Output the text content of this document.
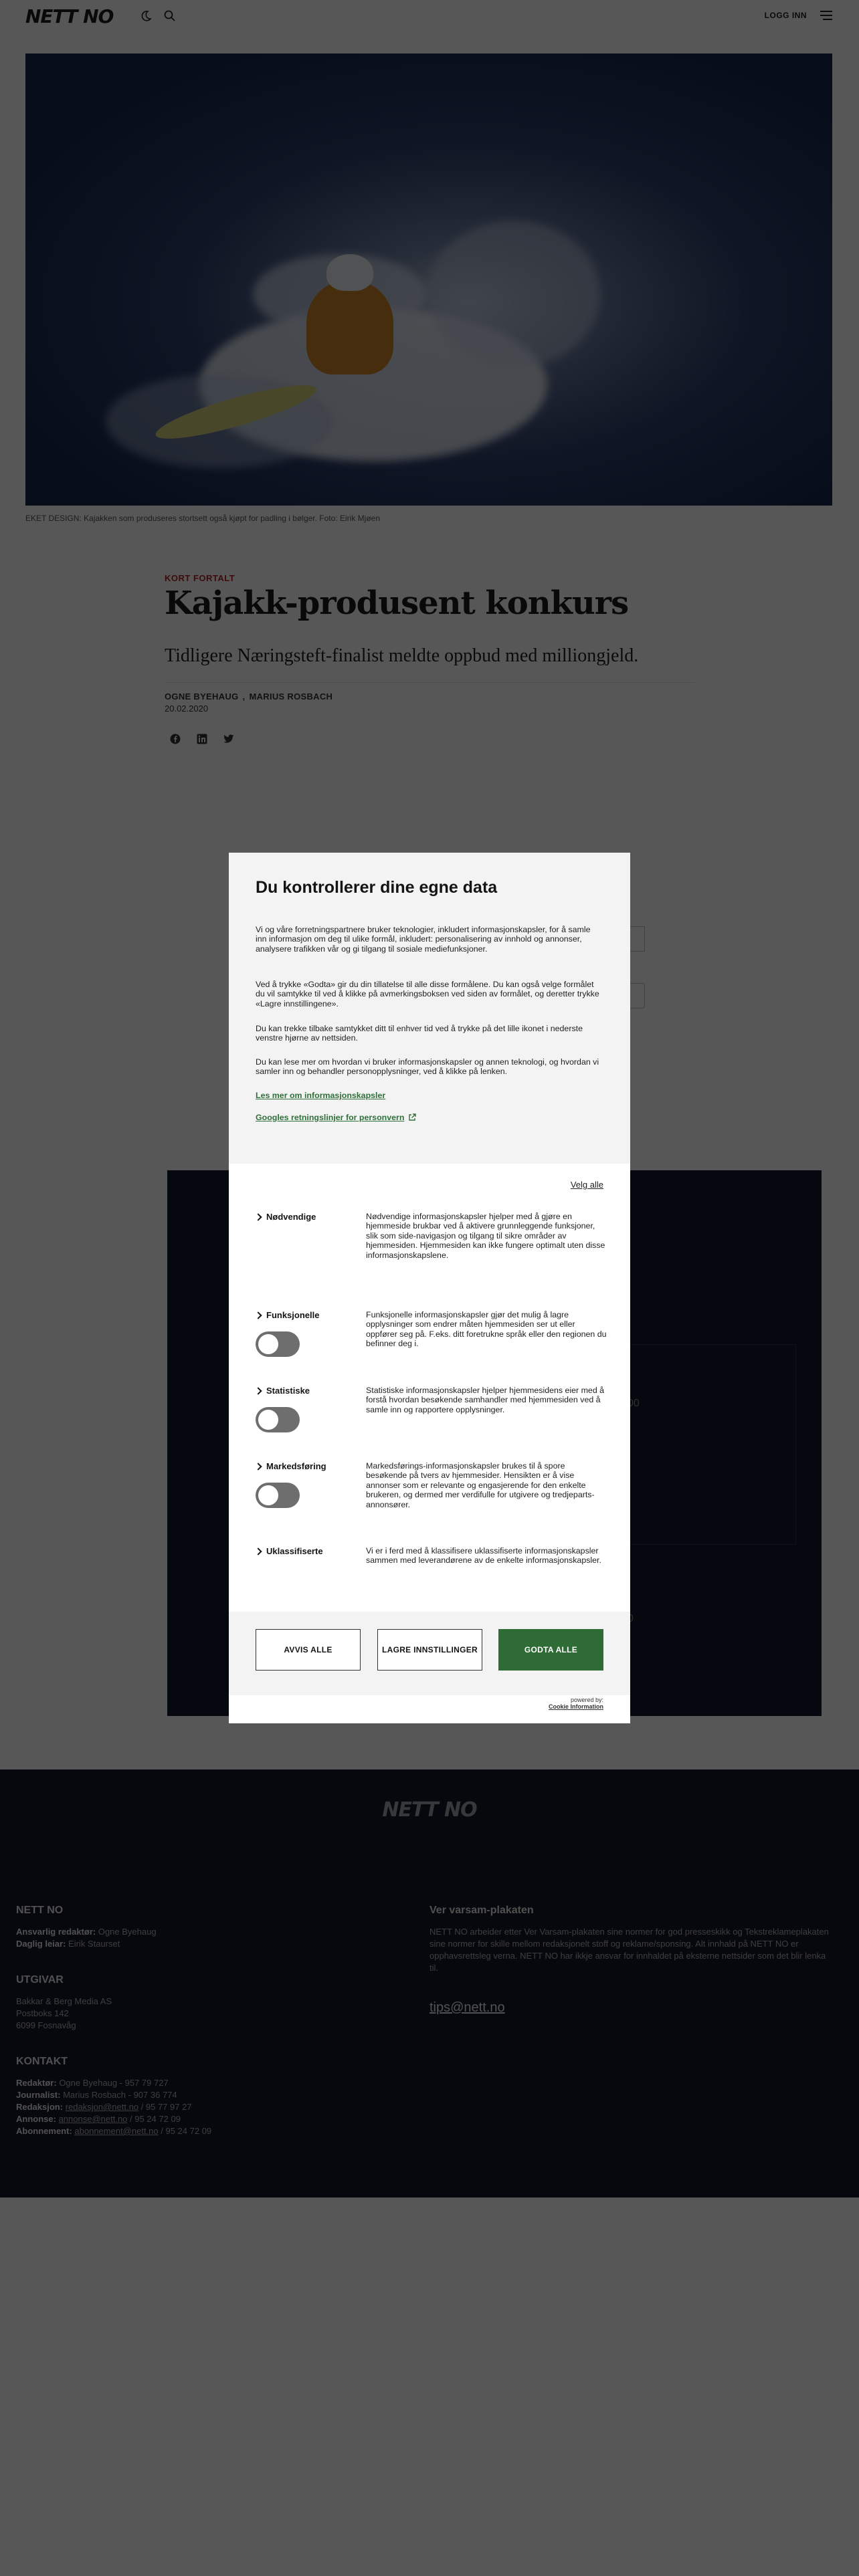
Du kontrollerer dine egne data

Vi og våre forretningspartnere bruker teknologier, inkludert informasjonskapsler, for å samle inn informasjon om deg til ulike formål, inkludert: personalisering av innhold og annonser, analysere trafikken vår og gi tilgang til sosiale mediefunksjoner.

Ved å trykke «Godta» gir du din tillatelse til alle disse formålene. Du kan også velge formålet du vil samtykke til ved å klikke på avmerkingsboksen ved siden av formålet, og deretter trykke «Lagre innstillingene».

Du kan trekke tilbake samtykket ditt til enhver tid ved å trykke på det lille ikonet i nederste venstre hjørne av nettsiden.

Du kan lese mer om hvordan vi bruker informasjonskapsler og annen teknologi, og hvordan vi samler inn og behandler personopplysninger, ved å klikke på lenken.

Les mer om informasjonskapsler
Googles retningslinjer for personvern
Velg alle
Nødvendige	Nødvendige informasjonskapsler hjelper med å gjøre en hjemmeside brukbar ved å aktivere grunnleggende funksjoner, slik som side-navigasjon og tilgang til sikre områder av hjemmesiden. Hjemmesiden kan ikke fungere optimalt uten disse informasjonskapslene.

Funksjonelle	Funksjonelle informasjonskapsler gjør det mulig å lagre opplysninger som endrer måten hjemmesiden ser ut eller oppfører seg på. F.eks. ditt foretrukne språk eller den regionen du befinner deg i.

Statistiske	Statistiske informasjonskapsler hjelper hjemmesidens eier med å forstå hvordan besøkende samhandler med hjemmesiden ved å samle inn og rapportere opplysninger.

Markedsføring	Markedsførings-informasjonskapsler brukes til å spore besøkende på tvers av hjemmesider. Hensikten er å vise annonser som er relevante og engasjerende for den enkelte brukeren, og dermed mer verdifulle for utgivere og tredjeparts-annonsører.

Uklassifiserte	Vi er i ferd med å klassifisere uklassifiserte informasjonskapsler sammen med leverandørene av de enkelte informasjonskapsler.

AVVIS ALLE	LAGRE INNSTILLINGER	GODTA ALLE
powered by:
Cookie Information
